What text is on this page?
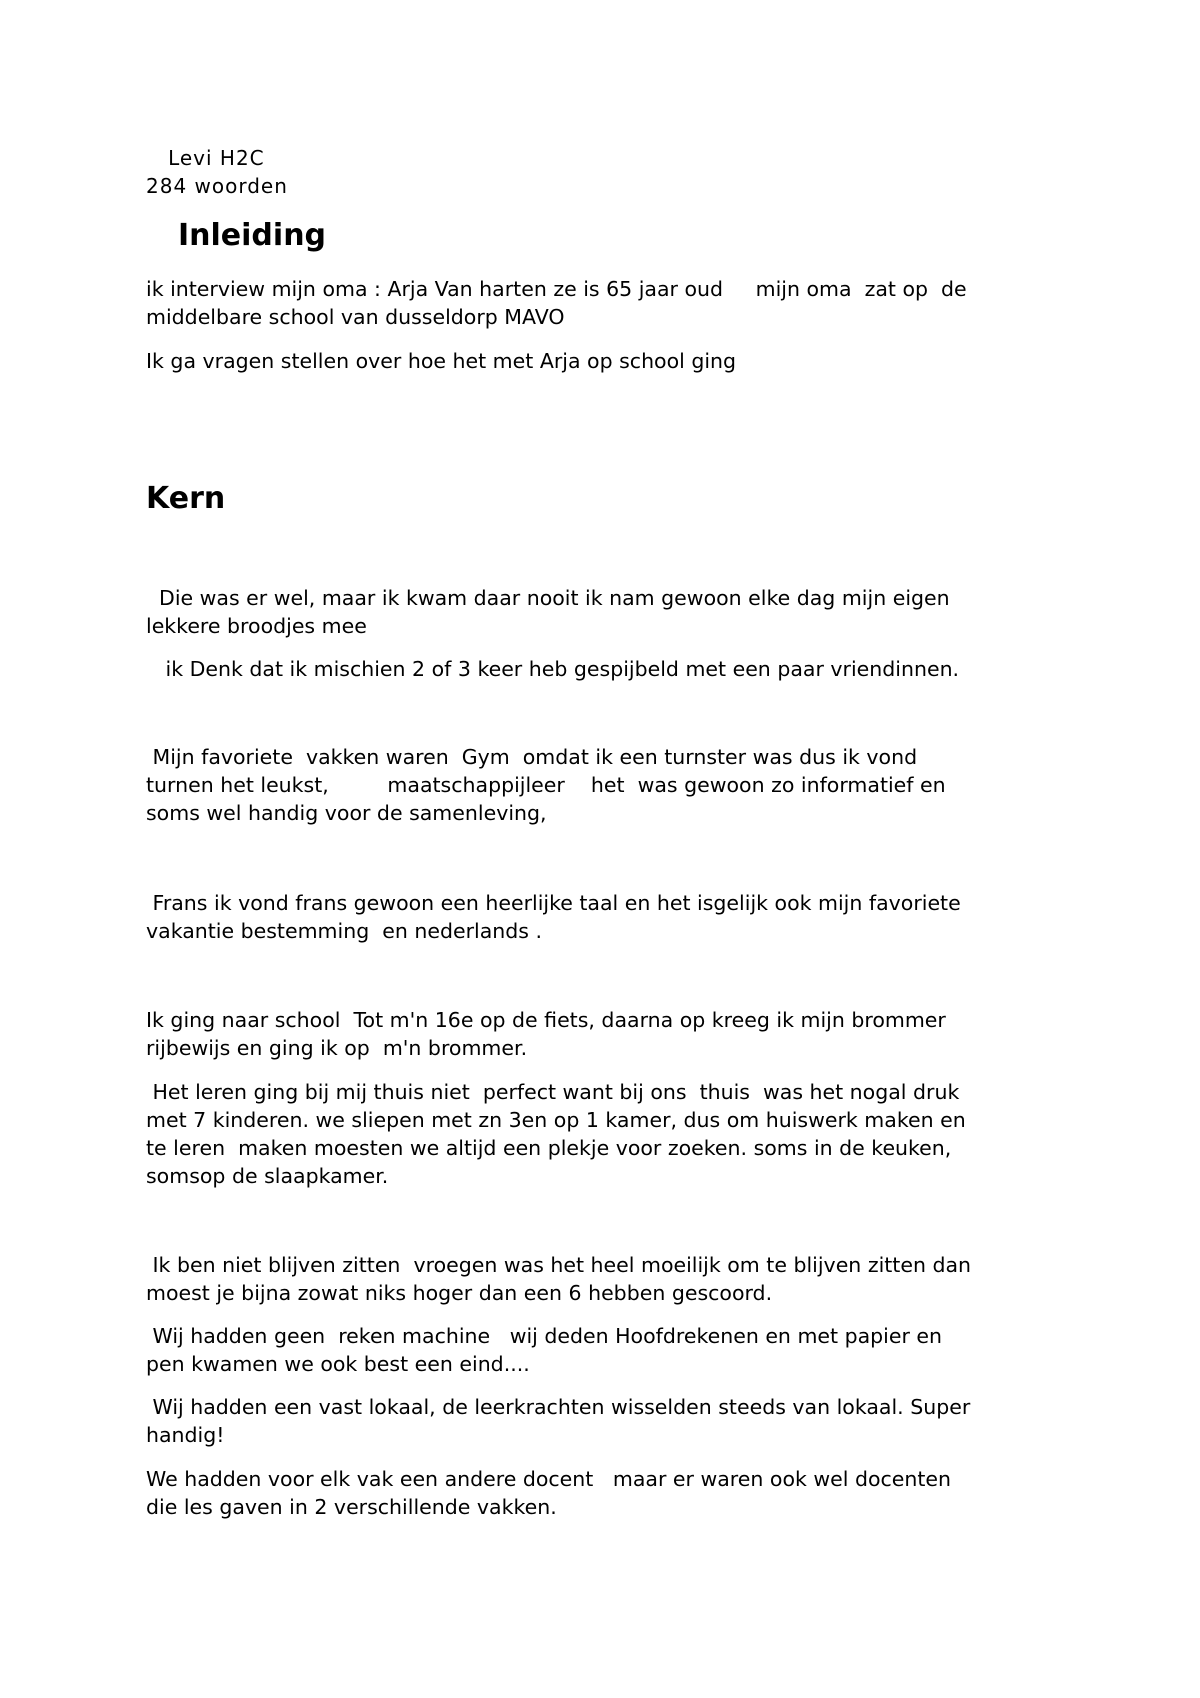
Levi H2C
284 woorden
Inleiding
ik interview mijn oma : Arja Van harten ze is 65 jaar oud     mijn oma  zat op  de
middelbare school van dusseldorp MAVO
Ik ga vragen stellen over hoe het met Arja op school ging
Kern
Die was er wel, maar ik kwam daar nooit ik nam gewoon elke dag mijn eigen
lekkere broodjes mee
ik Denk dat ik mischien 2 of 3 keer heb gespijbeld met een paar vriendinnen.
Mijn favoriete  vakken waren  Gym  omdat ik een turnster was dus ik vond
turnen het leukst,         maatschappijleer    het  was gewoon zo informatief en
soms wel handig voor de samenleving,
Frans ik vond frans gewoon een heerlijke taal en het isgelijk ook mijn favoriete
vakantie bestemming  en nederlands .
Ik ging naar school  Tot m'n 16e op de fiets, daarna op kreeg ik mijn brommer
rijbewijs en ging ik op  m'n brommer.
Het leren ging bij mij thuis niet  perfect want bij ons  thuis  was het nogal druk
met 7 kinderen. we sliepen met zn 3en op 1 kamer, dus om huiswerk maken en
te leren  maken moesten we altijd een plekje voor zoeken. soms in de keuken,
somsop de slaapkamer.
Ik ben niet blijven zitten  vroegen was het heel moeilijk om te blijven zitten dan
moest je bijna zowat niks hoger dan een 6 hebben gescoord.
Wij hadden geen  reken machine   wij deden Hoofdrekenen en met papier en
pen kwamen we ook best een eind....
Wij hadden een vast lokaal, de leerkrachten wisselden steeds van lokaal. Super
handig!
We hadden voor elk vak een andere docent   maar er waren ook wel docenten
die les gaven in 2 verschillende vakken.
